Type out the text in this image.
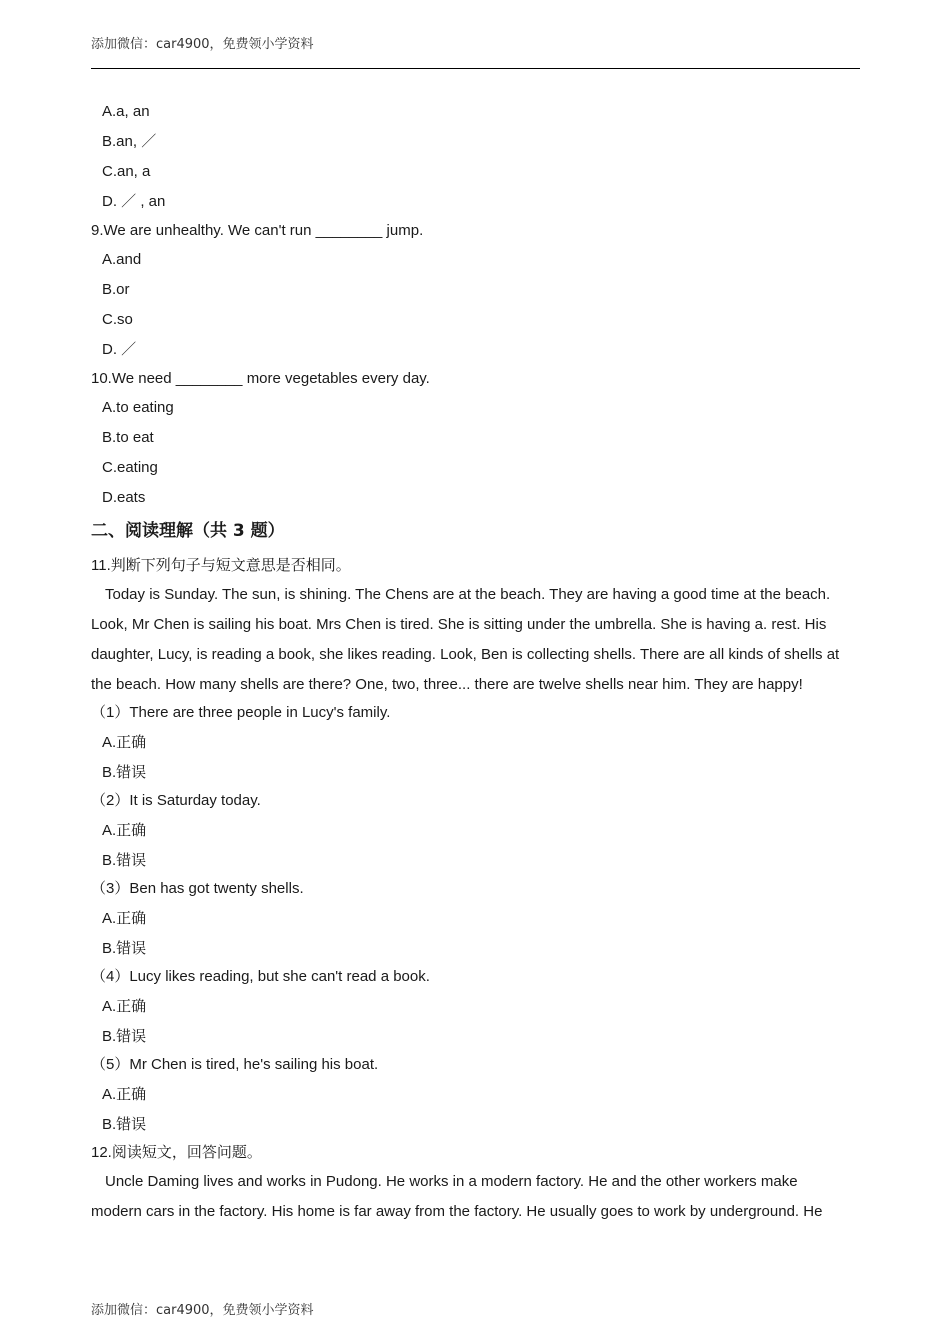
添加微信：car4900，免费领小学资料
A.a, an
B.an, ／
C.an, a
D. ／ , an
9.We are unhealthy. We can't run ________ jump.
A.and
B.or
C.so
D. ／
10.We need ________ more vegetables every day.
A.to eating
B.to eat
C.eating
D.eats
二、阅读理解（共 3 题）
11.判断下列句子与短文意思是否相同。
Today is Sunday. The sun, is shining. The Chens are at the beach. They are having a good time at the beach.
Look, Mr Chen is sailing his boat. Mrs Chen is tired. She is sitting under the umbrella. She is having a. rest. His
daughter, Lucy, is reading a book, she likes reading. Look, Ben is collecting shells. There are all kinds of shells at
the beach. How many shells are there? One, two, three... there are twelve shells near him. They are happy!
（1）There are three people in Lucy's family.
A.正确
B.错误
（2）It is Saturday today.
A.正确
B.错误
（3）Ben has got twenty shells.
A.正确
B.错误
（4）Lucy likes reading, but she can't read a book.
A.正确
B.错误
（5）Mr Chen is tired, he's sailing his boat.
A.正确
B.错误
12.阅读短文，回答问题。
Uncle Daming lives and works in Pudong. He works in a modern factory. He and the other workers make
modern cars in the factory. His home is far away from the factory. He usually goes to work by underground. He
添加微信：car4900，免费领小学资料
